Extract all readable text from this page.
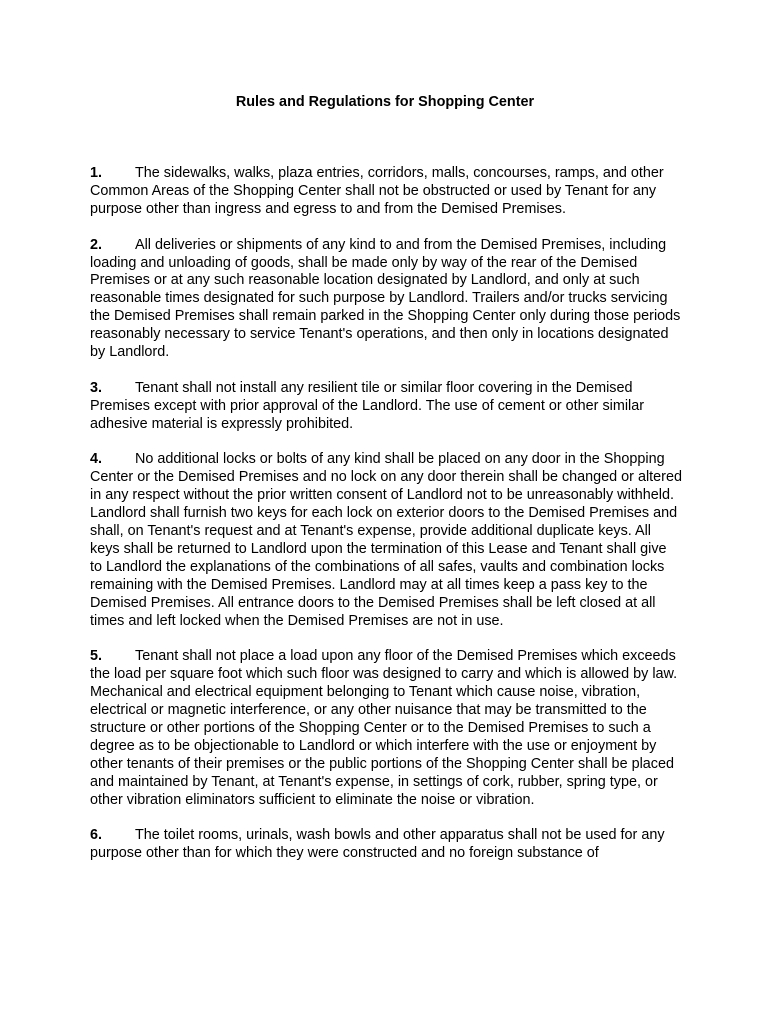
Rules and Regulations for Shopping Center

1. The sidewalks, walks, plaza entries, corridors, malls, concourses, ramps, and other Common Areas of the Shopping Center shall not be obstructed or used by Tenant for any purpose other than ingress and egress to and from the Demised Premises.

2. All deliveries or shipments of any kind to and from the Demised Premises, including loading and unloading of goods, shall be made only by way of the rear of the Demised Premises or at any such reasonable location designated by Landlord, and only at such reasonable times designated for such purpose by Landlord. Trailers and/or trucks servicing the Demised Premises shall remain parked in the Shopping Center only during those periods reasonably necessary to service Tenant's operations, and then only in locations designated by Landlord.

3. Tenant shall not install any resilient tile or similar floor covering in the Demised Premises except with prior approval of the Landlord. The use of cement or other similar adhesive material is expressly prohibited.

4. No additional locks or bolts of any kind shall be placed on any door in the Shopping Center or the Demised Premises and no lock on any door therein shall be changed or altered in any respect without the prior written consent of Landlord not to be unreasonably withheld. Landlord shall furnish two keys for each lock on exterior doors to the Demised Premises and shall, on Tenant's request and at Tenant's expense, provide additional duplicate keys. All keys shall be returned to Landlord upon the termination of this Lease and Tenant shall give to Landlord the explanations of the combinations of all safes, vaults and combination locks remaining with the Demised Premises. Landlord may at all times keep a pass key to the Demised Premises. All entrance doors to the Demised Premises shall be left closed at all times and left locked when the Demised Premises are not in use.

5. Tenant shall not place a load upon any floor of the Demised Premises which exceeds the load per square foot which such floor was designed to carry and which is allowed by law. Mechanical and electrical equipment belonging to Tenant which cause noise, vibration, electrical or magnetic interference, or any other nuisance that may be transmitted to the structure or other portions of the Shopping Center or to the Demised Premises to such a degree as to be objectionable to Landlord or which interfere with the use or enjoyment by other tenants of their premises or the public portions of the Shopping Center shall be placed and maintained by Tenant, at Tenant's expense, in settings of cork, rubber, spring type, or other vibration eliminators sufficient to eliminate the noise or vibration.

6. The toilet rooms, urinals, wash bowls and other apparatus shall not be used for any purpose other than for which they were constructed and no foreign substance of
